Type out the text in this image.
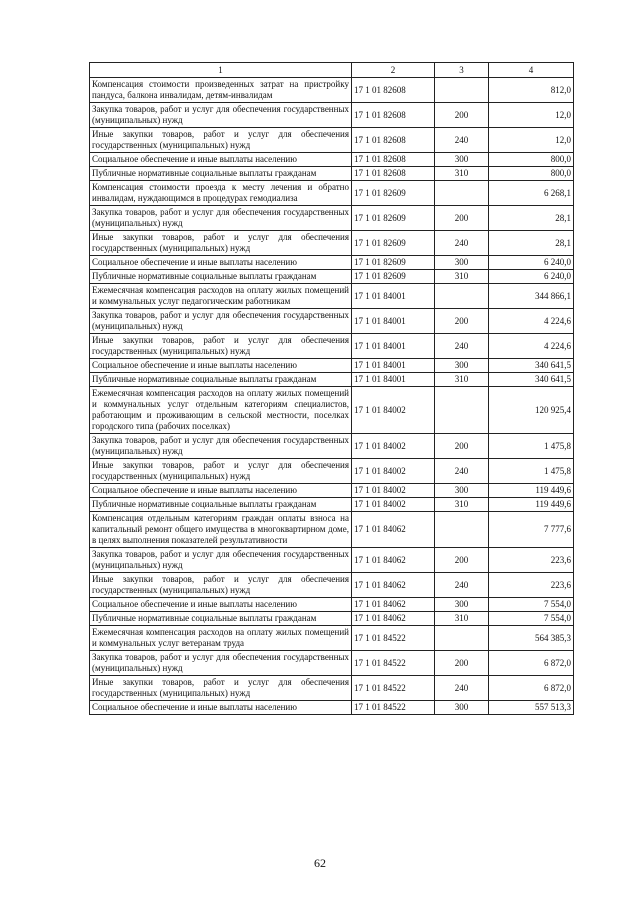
1	2	3	4
Компенсация стоимости произведенных затрат на пристройку пандуса, балкона инвалидам, детям-инвалидам	17 1 01 82608		812,0
Закупка товаров, работ и услуг для обеспечения государственных (муниципальных) нужд	17 1 01 82608	200	12,0
Иные закупки товаров, работ и услуг для обеспечения государственных (муниципальных) нужд	17 1 01 82608	240	12,0
Социальное обеспечение и иные выплаты населению	17 1 01 82608	300	800,0
Публичные нормативные социальные выплаты гражданам	17 1 01 82608	310	800,0
Компенсация стоимости проезда к месту лечения и обратно инвалидам, нуждающимся в процедурах гемодиализа	17 1 01 82609		6 268,1
Закупка товаров, работ и услуг для обеспечения государственных (муниципальных) нужд	17 1 01 82609	200	28,1
Иные закупки товаров, работ и услуг для обеспечения государственных (муниципальных) нужд	17 1 01 82609	240	28,1
Социальное обеспечение и иные выплаты населению	17 1 01 82609	300	6 240,0
Публичные нормативные социальные выплаты гражданам	17 1 01 82609	310	6 240,0
Ежемесячная компенсация расходов на оплату жилых помещений и коммунальных услуг педагогическим работникам	17 1 01 84001		344 866,1
Закупка товаров, работ и услуг для обеспечения государственных (муниципальных) нужд	17 1 01 84001	200	4 224,6
Иные закупки товаров, работ и услуг для обеспечения государственных (муниципальных) нужд	17 1 01 84001	240	4 224,6
Социальное обеспечение и иные выплаты населению	17 1 01 84001	300	340 641,5
Публичные нормативные социальные выплаты гражданам	17 1 01 84001	310	340 641,5
Ежемесячная компенсация расходов на оплату жилых помещений и коммунальных услуг отдельным категориям специалистов, работающим и проживающим в сельской местности, поселках городского типа (рабочих поселках)	17 1 01 84002		120 925,4
Закупка товаров, работ и услуг для обеспечения государственных (муниципальных) нужд	17 1 01 84002	200	1 475,8
Иные закупки товаров, работ и услуг для обеспечения государственных (муниципальных) нужд	17 1 01 84002	240	1 475,8
Социальное обеспечение и иные выплаты населению	17 1 01 84002	300	119 449,6
Публичные нормативные социальные выплаты гражданам	17 1 01 84002	310	119 449,6
Компенсация отдельным категориям граждан оплаты взноса на капитальный ремонт общего имущества в многоквартирном доме, в целях выполнения показателей результативности	17 1 01 84062		7 777,6
Закупка товаров, работ и услуг для обеспечения государственных (муниципальных) нужд	17 1 01 84062	200	223,6
Иные закупки товаров, работ и услуг для обеспечения государственных (муниципальных) нужд	17 1 01 84062	240	223,6
Социальное обеспечение и иные выплаты населению	17 1 01 84062	300	7 554,0
Публичные нормативные социальные выплаты гражданам	17 1 01 84062	310	7 554,0
Ежемесячная компенсация расходов на оплату жилых помещений и коммунальных услуг ветеранам труда	17 1 01 84522		564 385,3
Закупка товаров, работ и услуг для обеспечения государственных (муниципальных) нужд	17 1 01 84522	200	6 872,0
Иные закупки товаров, работ и услуг для обеспечения государственных (муниципальных) нужд	17 1 01 84522	240	6 872,0
Социальное обеспечение и иные выплаты населению	17 1 01 84522	300	557 513,3
62
